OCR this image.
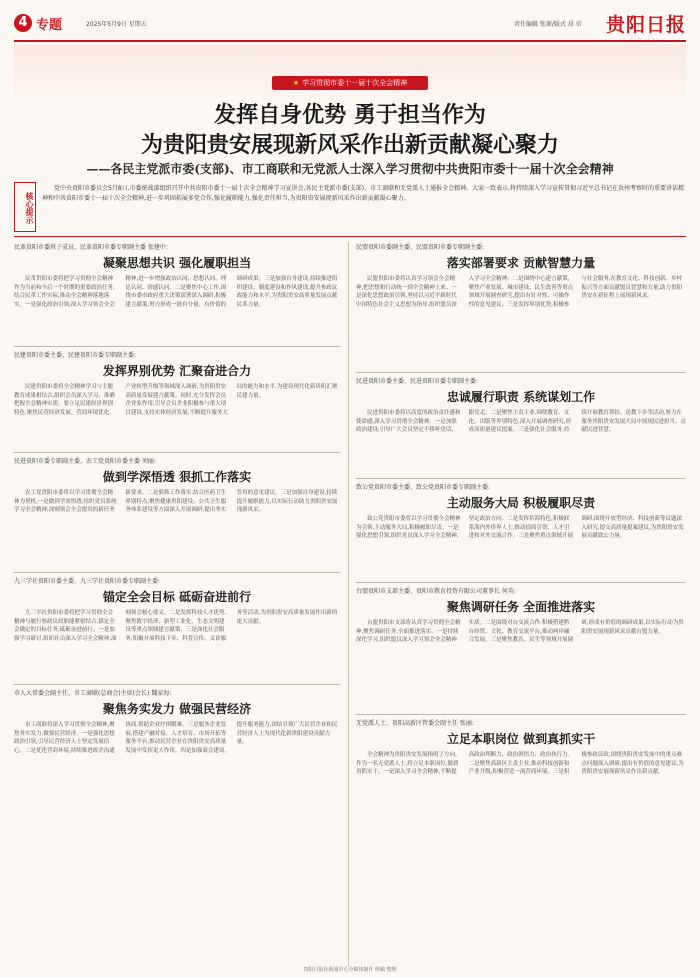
4 专题	2025年5月9日 星期五	责任编辑 张萧/版式 昂 帝 贵阳日报
★ 学习贯彻市委十一届十次全会精神
发挥自身优势 勇于担当作为
为贵阳贵安展现新风采作出新贡献凝心聚力
——各民主党派市委(支部)、市工商联和无党派人士深入学习贯彻中共贵阳市委十一届十次全会精神
核心提示
党中央贵阳市委员会5月8日,市委统战部组织召开中共贵阳市委十一届十次全会精神学习宣讲会,各民主党派市委(支部)、市工商联和无党派人士通报全会精神。大家一致表示,将持续深入学习宣传贯彻习近平总书记在贵州考察时的重要讲话精神和中共贵阳市委十一届十次全会精神,进一步巩固拓展多党合作,强化履职能力,强化责任担当,为贵阳贵安展现新风采作出新贡献凝心聚力。
民革贵阳市委班子成员、民革贵阳市委专职副主委 张建中:
凝聚思想共识 强化履职担当
民革贵阳市委将把学习贯彻全会精神作为当前和今后一个时期的重要政治任务,结合民革工作实际,推动全会精神落地落实。一是强化政治引领,深入学习领会全会精神,进一步增强政治认同、思想认同、理论认同、情感认同。二是聚焦中心工作,围绕市委市政府重大决策部署深入调研,积极建言献策,努力形成一批有分量、有价值的调研成果。三是加强自身建设,持续推进组织建设、制度建设和作风建设,提升参政议政能力和水平,为贵阳贵安高质量发展贡献民革力量。
民盟贵阳市委副主委、民盟贵阳市委专职副主委:
落实部署要求 贡献智慧力量
民盟贵阳市委将认真学习领会全会精神,把思想和行动统一到全会精神上来。一是深化思想政治引领,坚持以习近平新时代中国特色社会主义思想为指导,组织盟员深入学习全会精神。二是围绕中心建言献策,聚焦产业发展、城市建设、民生改善等重点领域开展调查研究,提出有针对性、可操作性的意见建议。三是发挥界别优势,积极参与社会服务,在教育文化、科技创新、乡村振兴等方面贡献盟员智慧和力量,助力贵阳贵安在新征程上展现新风采。
民建贵阳市委主委、民建贵阳市委专职副主委:
发挥界别优势 汇聚奋进合力
民建贵阳市委将全会精神学习与主题教育成果相结合,组织会员深入学习、准确把握全会精神实质。要立足民建经济界别特色,聚焦民营经济发展、营商环境优化、产业转型升级等领域深入调研,为贵阳贵安高质量发展建言献策。同时,充分发挥会员企业家作用,引导会员企业积极参与重大项目建设,支持实体经济发展,不断提升服务大局的能力和水平,为建设现代化新贵阳汇聚民建力量。
民进贵阳市委主委、民进贵阳市委专职副主委:
忠诚履行职责 系统谋划工作
民进贵阳市委将以高度的政治责任感和使命感,深入学习贯彻全会精神。一是加强政治建设,引导广大会员坚定不移听党话、跟党走。二是聚焦主责主业,围绕教育、文化、出版等界别特色,深入开展调查研究,形成高质量建议提案。三是强化社会服务,持续开展教育帮扶、送教下乡等活动,努力在服务贵阳贵安发展大局中展现民进担当、贡献民进智慧。
民进贵阳市委专职副主委、农工党贵阳市委主委 刘丽:
做到学深悟透 狠抓工作落实
农工党贵阳市委将以学习贯彻全会精神为契机,一是做到学深悟透,组织党员系统学习全会精神,深刻领会全会提出的新任务新要求。二是狠抓工作落实,结合医药卫生界别特点,聚焦健康贵阳建设、公共卫生服务体系建设等方面深入开展调研,提出务实管用的意见建议。三是加强自身建设,持续提升履职能力,以实际行动助力贵阳贵安展现新风采。
致公党贵阳市委主委、致公党贵阳市委专职副主委:
主动服务大局 积极履职尽责
致公党贵阳市委将以学习贯彻全会精神为引领,主动服务大局,积极履职尽责。一是强化思想引领,组织党员深入学习全会精神,坚定政治方向。二是发挥侨海特色,积极联系海内外侨界人士,推动招商引资、人才引进和对外交流合作。三是聚焦重点领域开展调研,围绕开放型经济、科技创新等议题深入研究,提交高质量提案建议,为贵阳贵安发展贡献致公力量。
九三学社贵阳市委主委、九三学社贵阳市委专职副主委:
锚定全会目标 砥砺奋进前行
九三学社贵阳市委将把学习贯彻全会精神与履行参政议政职能紧密结合,锚定全会确定的目标任务,砥砺奋进前行。一是加强学习研讨,组织社员深入学习全会精神,深刻领会核心要义。二是发挥科技人才优势,聚焦数字经济、新型工业化、生态文明建设等重点领域建言献策。三是深化社会服务,积极开展科技下乡、科普宣传、义诊服务等活动,为贵阳贵安高质量发展作出新的更大贡献。
台盟贵阳市支部主委、贵阳市教育投资有限公司董事长 何英:
聚焦调研任务 全面推进落实
台盟贵阳市支部将认真学习贯彻全会精神,聚焦调研任务,全面推进落实。一是持续深化学习,组织盟员深入学习领会全会精神实质。二是围绕对台交流合作,积极搭建黔台经贸、文化、教育交流平台,推动两岸融合发展。三是聚焦教育、民生等领域开展调研,形成有价值的调研成果,以实际行动为贵阳贵安展现新风采贡献台盟力量。
市人大常委会副主任、市工商联(总商会)主席(会长) 魏家海:
聚焦务实发力 做强民营经济
市工商联将深入学习贯彻全会精神,聚焦务实发力,做强民营经济。一是强化思想政治引领,引导民营经济人士坚定发展信心。二是优化营商环境,持续推进政企沟通协商,帮助企业纾困解难。三是服务企业发展,搭建产融对接、人才培育、市场开拓等服务平台,推动民营企业在贵阳贵安高质量发展中发挥更大作用。四是加强商会建设,提升服务能力,团结引领广大民营企业和民营经济人士为现代化新贵阳建设贡献力量。
无党派人士、贵阳高新区管委会副主任 张丽:
立足本职岗位 做到真抓实干
全会精神为贵阳贵安发展指明了方向。作为一名无党派人士,将立足本职岗位,做到真抓实干。一是深入学习全会精神,不断提高政治判断力、政治领悟力、政治执行力。二是聚焦高新区主责主业,推动科技创新和产业升级,积极营造一流营商环境。三是积极参政议政,围绕贵阳贵安发展中的重点难点问题深入调研,提出有价值的意见建议,为贵阳贵安展现新风采作出新贡献。
贵阳日报社新闻中心全媒体制作 组稿 整理
